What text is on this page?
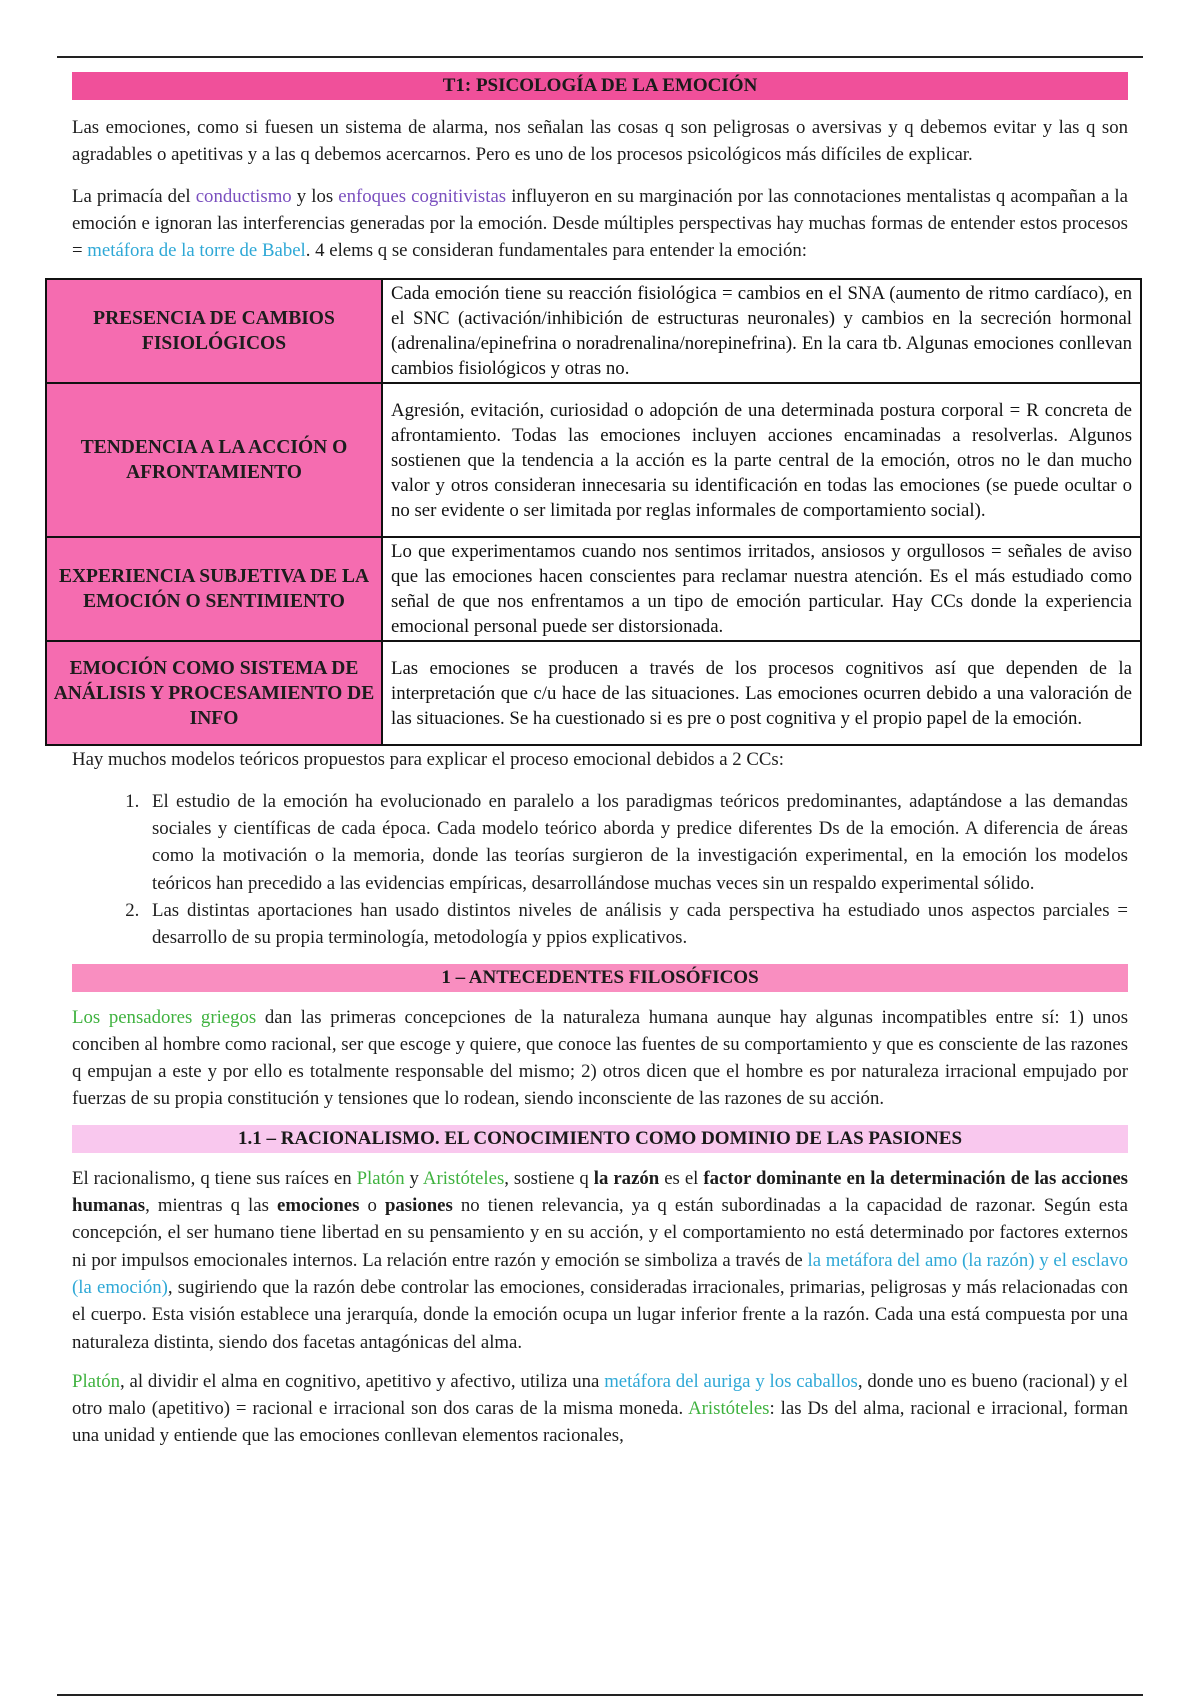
T1: PSICOLOGÍA DE LA EMOCIÓN

Las emociones, como si fuesen un sistema de alarma, nos señalan las cosas q son peligrosas o aversivas y q debemos evitar y las q son agradables o apetitivas y a las q debemos acercarnos. Pero es uno de los procesos psicológicos más difíciles de explicar.

La primacía del conductismo y los enfoques cognitivistas influyeron en su marginación por las connotaciones mentalistas q acompañan a la emoción e ignoran las interferencias generadas por la emoción. Desde múltiples perspectivas hay muchas formas de entender estos procesos = metáfora de la torre de Babel. 4 elems q se consideran fundamentales para entender la emoción:

PRESENCIA DE CAMBIOS FISIOLÓGICOS	Cada emoción tiene su reacción fisiológica = cambios en el SNA (aumento de ritmo cardíaco), en el SNC (activación/inhibición de estructuras neuronales) y cambios en la secreción hormonal (adrenalina/epinefrina o noradrenalina/norepinefrina). En la cara tb. Algunas emociones conllevan cambios fisiológicos y otras no.
TENDENCIA A LA ACCIÓN O AFRONTAMIENTO	Agresión, evitación, curiosidad o adopción de una determinada postura corporal = R concreta de afrontamiento. Todas las emociones incluyen acciones encaminadas a resolverlas. Algunos sostienen que la tendencia a la acción es la parte central de la emoción, otros no le dan mucho valor y otros consideran innecesaria su identificación en todas las emociones (se puede ocultar o no ser evidente o ser limitada por reglas informales de comportamiento social).
EXPERIENCIA SUBJETIVA DE LA EMOCIÓN O SENTIMIENTO	Lo que experimentamos cuando nos sentimos irritados, ansiosos y orgullosos = señales de aviso que las emociones hacen conscientes para reclamar nuestra atención. Es el más estudiado como señal de que nos enfrentamos a un tipo de emoción particular. Hay CCs donde la experiencia emocional personal puede ser distorsionada.
EMOCIÓN COMO SISTEMA DE ANÁLISIS Y PROCESAMIENTO DE INFO	Las emociones se producen a través de los procesos cognitivos así que dependen de la interpretación que c/u hace de las situaciones. Las emociones ocurren debido a una valoración de las situaciones. Se ha cuestionado si es pre o post cognitiva y el propio papel de la emoción.

Hay muchos modelos teóricos propuestos para explicar el proceso emocional debidos a 2 CCs:

1. El estudio de la emoción ha evolucionado en paralelo a los paradigmas teóricos predominantes, adaptándose a las demandas sociales y científicas de cada época. Cada modelo teórico aborda y predice diferentes Ds de la emoción. A diferencia de áreas como la motivación o la memoria, donde las teorías surgieron de la investigación experimental, en la emoción los modelos teóricos han precedido a las evidencias empíricas, desarrollándose muchas veces sin un respaldo experimental sólido.
2. Las distintas aportaciones han usado distintos niveles de análisis y cada perspectiva ha estudiado unos aspectos parciales = desarrollo de su propia terminología, metodología y ppios explicativos.
1 – ANTECEDENTES FILOSÓFICOS

Los pensadores griegos dan las primeras concepciones de la naturaleza humana aunque hay algunas incompatibles entre sí: 1) unos conciben al hombre como racional, ser que escoge y quiere, que conoce las fuentes de su comportamiento y que es consciente de las razones q empujan a este y por ello es totalmente responsable del mismo; 2) otros dicen que el hombre es por naturaleza irracional empujado por fuerzas de su propia constitución y tensiones que lo rodean, siendo inconsciente de las razones de su acción.

1.1 – RACIONALISMO. EL CONOCIMIENTO COMO DOMINIO DE LAS PASIONES

El racionalismo, q tiene sus raíces en Platón y Aristóteles, sostiene q la razón es el factor dominante en la determinación de las acciones humanas, mientras q las emociones o pasiones no tienen relevancia, ya q están subordinadas a la capacidad de razonar. Según esta concepción, el ser humano tiene libertad en su pensamiento y en su acción, y el comportamiento no está determinado por factores externos ni por impulsos emocionales internos. La relación entre razón y emoción se simboliza a través de la metáfora del amo (la razón) y el esclavo (la emoción), sugiriendo que la razón debe controlar las emociones, consideradas irracionales, primarias, peligrosas y más relacionadas con el cuerpo. Esta visión establece una jerarquía, donde la emoción ocupa un lugar inferior frente a la razón. Cada una está compuesta por una naturaleza distinta, siendo dos facetas antagónicas del alma.

Platón, al dividir el alma en cognitivo, apetitivo y afectivo, utiliza una metáfora del auriga y los caballos, donde uno es bueno (racional) y el otro malo (apetitivo) = racional e irracional son dos caras de la misma moneda. Aristóteles: las Ds del alma, racional e irracional, forman una unidad y entiende que las emociones conllevan elementos racionales,
